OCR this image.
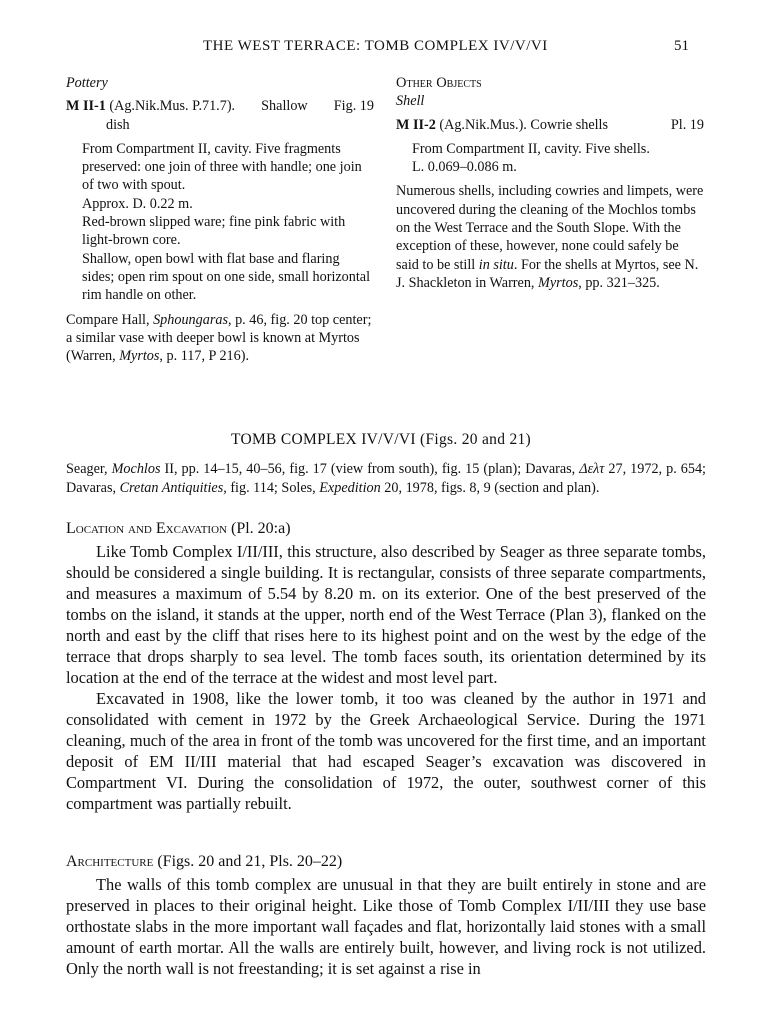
THE WEST TERRACE: TOMB COMPLEX IV/V/VI	51

Pottery

M II-1 (Ag.Nik.Mus. P.71.7). Shallow Fig. 19

dish

From Compartment II, cavity. Five fragments preserved: one join of three with handle; one join of two with spout.

Approx. D. 0.22 m.

Red-brown slipped ware; fine pink fabric with light-brown core.

Shallow, open bowl with flat base and flaring sides; open rim spout on one side, small horizontal rim handle on other.

Compare Hall, Sphoungaras, p. 46, fig. 20 top center; a similar vase with deeper bowl is known at Myrtos (Warren, Myrtos, p. 117, P 216).

Other Objects

Shell

M II-2 (Ag.Nik.Mus.). Cowrie shells	Pl. 19

From Compartment II, cavity. Five shells.

L. 0.069–0.086 m.

Numerous shells, including cowries and limpets, were uncovered during the cleaning of the Mochlos tombs on the West Terrace and the South Slope. With the exception of these, however, none could safely be said to be still in situ. For the shells at Myrtos, see N. J. Shackleton in Warren, Myrtos, pp. 321–325.

TOMB COMPLEX IV/V/VI (Figs. 20 and 21)
Seager, Mochlos II, pp. 14–15, 40–56, fig. 17 (view from south), fig. 15 (plan); Davaras, Δελτ 27, 1972, p. 654; Davaras, Cretan Antiquities, fig. 114; Soles, Expedition 20, 1978, figs. 8, 9 (section and plan).
Location and Excavation (Pl. 20:a)

Like Tomb Complex I/II/III, this structure, also described by Seager as three separate tombs, should be considered a single building. It is rectangular, consists of three separate compartments, and measures a maximum of 5.54 by 8.20 m. on its exterior. One of the best preserved of the tombs on the island, it stands at the upper, north end of the West Terrace (Plan 3), flanked on the north and east by the cliff that rises here to its highest point and on the west by the edge of the terrace that drops sharply to sea level. The tomb faces south, its orientation determined by its location at the end of the terrace at the widest and most level part.

Excavated in 1908, like the lower tomb, it too was cleaned by the author in 1971 and consolidated with cement in 1972 by the Greek Archaeological Service. During the 1971 cleaning, much of the area in front of the tomb was uncovered for the first time, and an important deposit of EM II/III material that had escaped Seager’s excavation was discovered in Compartment VI. During the consolidation of 1972, the outer, southwest corner of this compartment was partially rebuilt.

Architecture (Figs. 20 and 21, Pls. 20–22)

The walls of this tomb complex are unusual in that they are built entirely in stone and are preserved in places to their original height. Like those of Tomb Complex I/II/III they use base orthostate slabs in the more important wall façades and flat, horizontally laid stones with a small amount of earth mortar. All the walls are entirely built, however, and living rock is not utilized. Only the north wall is not freestanding; it is set against a rise in
